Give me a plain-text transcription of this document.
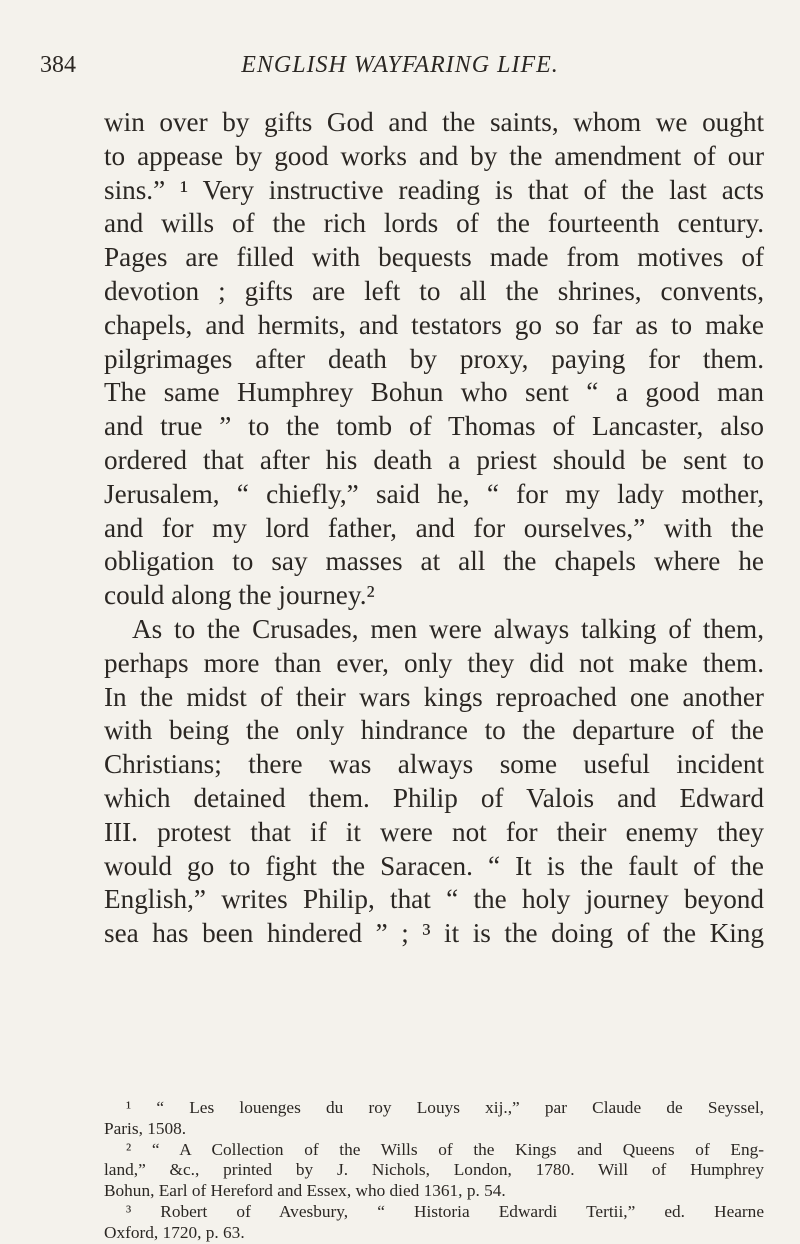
384	ENGLISH WAYFARING LIFE.
win over by gifts God and the saints, whom we ought
to appease by good works and by the amendment of our
sins.” ¹ Very instructive reading is that of the last acts
and wills of the rich lords of the fourteenth century.
Pages are filled with bequests made from motives of
devotion ; gifts are left to all the shrines, convents,
chapels, and hermits, and testators go so far as to make
pilgrimages after death by proxy, paying for them.
The same Humphrey Bohun who sent “ a good man
and true ” to the tomb of Thomas of Lancaster, also
ordered that after his death a priest should be sent to
Jerusalem, “ chiefly,” said he, “ for my lady mother,
and for my lord father, and for ourselves,” with the
obligation to say masses at all the chapels where he
could along the journey.²
As to the Crusades, men were always talking of them,
perhaps more than ever, only they did not make them.
In the midst of their wars kings reproached one another
with being the only hindrance to the departure of the
Christians; there was always some useful incident
which detained them. Philip of Valois and Edward
III. protest that if it were not for their enemy they
would go to fight the Saracen. “ It is the fault of the
English,” writes Philip, that “ the holy journey beyond
sea has been hindered ” ; ³ it is the doing of the King
¹ “ Les louenges du roy Louys xij.,” par Claude de Seyssel,
Paris, 1508.
² “ A Collection of the Wills of the Kings and Queens of Eng-
land,” &c., printed by J. Nichols, London, 1780. Will of Humphrey
Bohun, Earl of Hereford and Essex, who died 1361, p. 54.
³ Robert of Avesbury, “ Historia Edwardi Tertii,” ed. Hearne
Oxford, 1720, p. 63.
